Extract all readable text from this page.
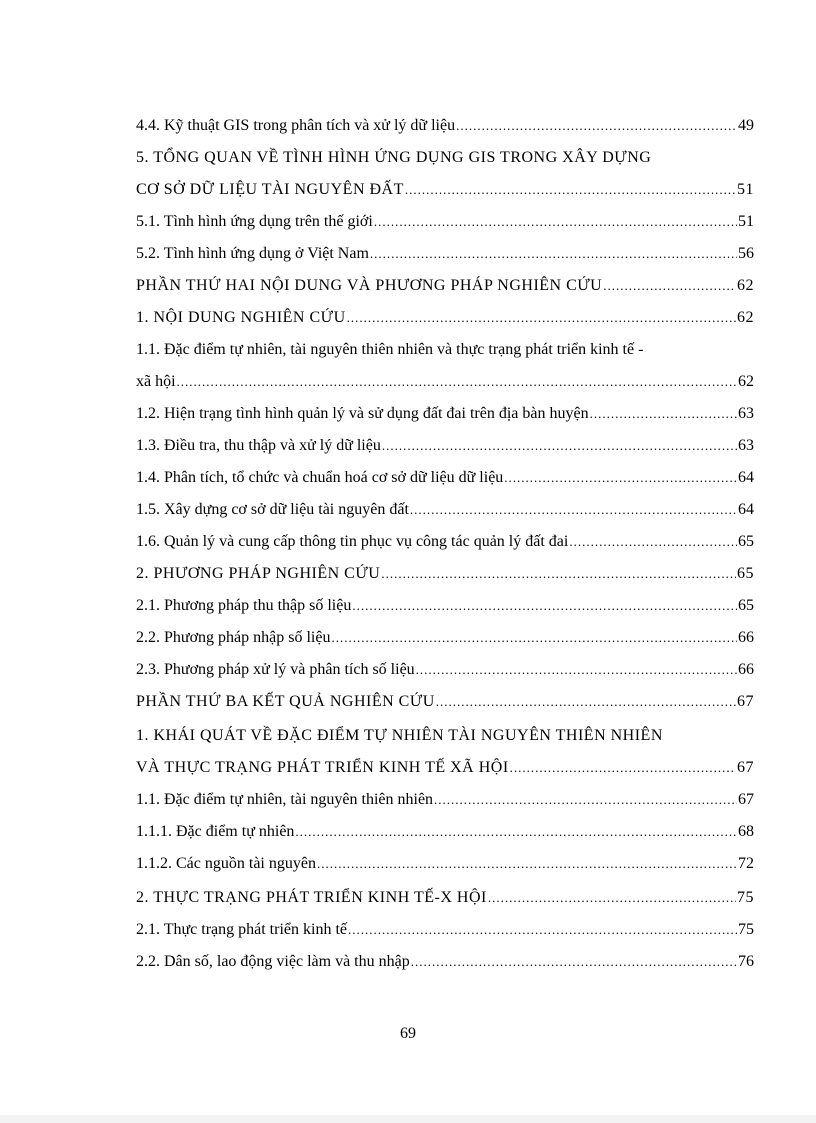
4.4. Kỹ thuật GIS trong phân tích và xử lý dữ liệu .....	49
5. TỔNG QUAN VỀ TÌNH HÌNH ỨNG DỤNG GIS TRONG XÂY DỰNG
CƠ SỞ DỮ LIỆU TÀI NGUYÊN ĐẤT .....	51
5.1. Tình hình ứng dụng trên thế giới .....	51
5.2. Tình hình ứng dụng ở Việt Nam .....	56
PHẦN THỨ HAI NỘI DUNG VÀ PHƯƠNG PHÁP NGHIÊN CỨU .....	62
1. NỘI DUNG NGHIÊN CỨU .....	62
1.1. Đặc điểm tự nhiên, tài nguyên thiên nhiên và thực trạng phát triển kinh tế -
xã hội .....	62
1.2. Hiện trạng tình hình quản lý và sử dụng đất đai trên địa bàn huyện .....	63
1.3. Điều tra, thu thập và xử lý dữ liệu .....	63
1.4. Phân tích, tổ chức và chuẩn hoá cơ sở dữ liệu dữ liệu .....	64
1.5. Xây dựng cơ sở dữ liệu tài nguyên đất .....	64
1.6. Quản lý và cung cấp thông tin phục vụ công tác quản lý đất đai .....	65
2. PHƯƠNG PHÁP NGHIÊN CỨU .....	65
2.1. Phương pháp thu thập số liệu .....	65
2.2. Phương pháp nhập số liệu .....	66
2.3. Phương pháp xử lý và phân tích số liệu .....	66
PHẦN THỨ BA KẾT QUẢ NGHIÊN CỨU .....	67
1. KHÁI QUÁT VỀ ĐẶC ĐIỂM TỰ NHIÊN TÀI NGUYÊN THIÊN NHIÊN
VÀ THỰC TRẠNG PHÁT TRIỂN KINH TẾ XÃ HỘI .....	67
1.1. Đặc điểm tự nhiên, tài nguyên thiên nhiên .....	67
1.1.1. Đặc điểm tự nhiên .....	68
1.1.2. Các nguồn tài nguyên .....	72
2. THỰC TRẠNG PHÁT TRIỂN KINH TẾ-X HỘI .....	75
2.1. Thực trạng phát triển kinh tế .....	75
2.2. Dân số, lao động việc làm và thu nhập .....	76
69
